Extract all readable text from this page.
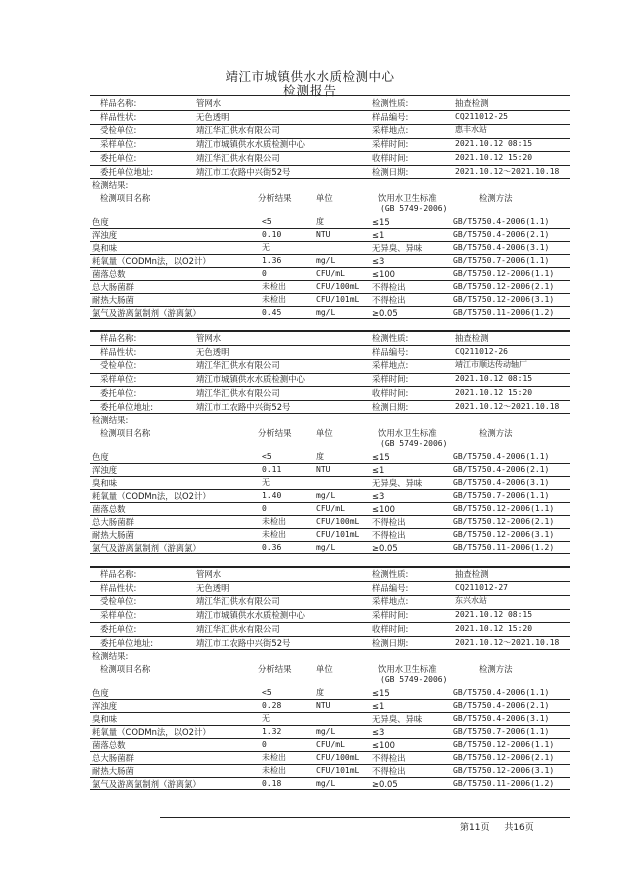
靖江市城镇供水水质检测中心
检测报告
样品名称:	管网水	检测性质:	抽查检测
样品性状:	无色透明	样品编号:	CQ211012-25
受检单位:	靖江华汇供水有限公司	采样地点:	惠丰水站
采样单位:	靖江市城镇供水水质检测中心	采样时间:	2021.10.12 08:15
委托单位:	靖江华汇供水有限公司	收样时间:	2021.10.12 15:20
委托单位地址:	靖江市工农路中兴街52号	检测日期:	2021.10.12～2021.10.18
检测结果:
检测项目名称	分析结果	单位	饮用水卫生标准
(GB 5749-2006)
检测方法
色度	<5	度	≤15	GB/T5750.4-2006(1.1)
浑浊度	0.10	NTU	≤1	GB/T5750.4-2006(2.1)
臭和味	无	无异臭、异味	GB/T5750.4-2006(3.1)
耗氧量（CODMn法，以O2计）	1.36	mg/L	≤3	GB/T5750.7-2006(1.1)
菌落总数	0	CFU/mL	≤100	GB/T5750.12-2006(1.1)
总大肠菌群	未检出	CFU/100mL 不得检出	GB/T5750.12-2006(2.1)
耐热大肠菌	未检出	CFU/101mL 不得检出	GB/T5750.12-2006(3.1)
氯气及游离氯制剂（游离氯）	0.45	mg/L	≥0.05	GB/T5750.11-2006(1.2)
样品名称:	管网水	检测性质:	抽查检测
样品性状:	无色透明	样品编号:	CQ211012-26
受检单位:	靖江华汇供水有限公司	采样地点:	靖江市顺达传动轴厂
采样单位:	靖江市城镇供水水质检测中心	采样时间:	2021.10.12 08:15
委托单位:	靖江华汇供水有限公司	收样时间:	2021.10.12 15:20
委托单位地址:	靖江市工农路中兴街52号	检测日期:	2021.10.12～2021.10.18
检测结果:
检测项目名称	分析结果	单位	饮用水卫生标准
(GB 5749-2006)
检测方法
色度	<5	度	≤15	GB/T5750.4-2006(1.1)
浑浊度	0.11	NTU	≤1	GB/T5750.4-2006(2.1)
臭和味	无	无异臭、异味	GB/T5750.4-2006(3.1)
耗氧量（CODMn法，以O2计）	1.40	mg/L	≤3	GB/T5750.7-2006(1.1)
菌落总数	0	CFU/mL	≤100	GB/T5750.12-2006(1.1)
总大肠菌群	未检出	CFU/100mL 不得检出	GB/T5750.12-2006(2.1)
耐热大肠菌	未检出	CFU/101mL 不得检出	GB/T5750.12-2006(3.1)
氯气及游离氯制剂（游离氯）	0.36	mg/L	≥0.05	GB/T5750.11-2006(1.2)
样品名称:	管网水	检测性质:	抽查检测
样品性状:	无色透明	样品编号:	CQ211012-27
受检单位:	靖江华汇供水有限公司	采样地点:	东兴水站
采样单位:	靖江市城镇供水水质检测中心	采样时间:	2021.10.12 08:15
委托单位:	靖江华汇供水有限公司	收样时间:	2021.10.12 15:20
委托单位地址:	靖江市工农路中兴街52号	检测日期:	2021.10.12～2021.10.18
检测结果:
检测项目名称	分析结果	单位	饮用水卫生标准
(GB 5749-2006)
检测方法
色度	<5	度	≤15	GB/T5750.4-2006(1.1)
浑浊度	0.28	NTU	≤1	GB/T5750.4-2006(2.1)
臭和味	无	无异臭、异味	GB/T5750.4-2006(3.1)
耗氧量（CODMn法，以O2计）	1.32	mg/L	≤3	GB/T5750.7-2006(1.1)
菌落总数	0	CFU/mL	≤100	GB/T5750.12-2006(1.1)
总大肠菌群	未检出	CFU/100mL 不得检出	GB/T5750.12-2006(2.1)
耐热大肠菌	未检出	CFU/101mL 不得检出	GB/T5750.12-2006(3.1)
氯气及游离氯制剂（游离氯）	0.18	mg/L	≥0.05	GB/T5750.11-2006(1.2)
第11页 共16页
